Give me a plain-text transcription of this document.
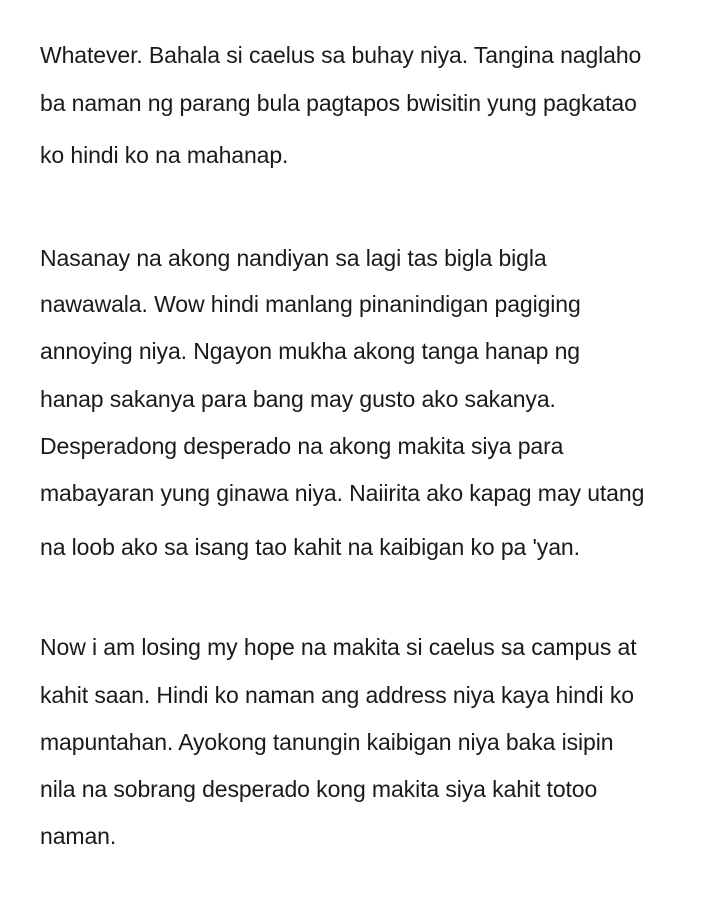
Whatever. Bahala si caelus sa buhay niya. Tangina naglaho
ba naman ng parang bula pagtapos bwisitin yung pagkatao
ko hindi ko na mahanap.
Nasanay na akong nandiyan sa lagi tas bigla bigla
nawawala. Wow hindi manlang pinanindigan pagiging
annoying niya. Ngayon mukha akong tanga hanap ng
hanap sakanya para bang may gusto ako sakanya.
Desperadong desperado na akong makita siya para
mabayaran yung ginawa niya. Naiirita ako kapag may utang
na loob ako sa isang tao kahit na kaibigan ko pa 'yan.
Now i am losing my hope na makita si caelus sa campus at
kahit saan. Hindi ko naman ang address niya kaya hindi ko
mapuntahan. Ayokong tanungin kaibigan niya baka isipin
nila na sobrang desperado kong makita siya kahit totoo
naman.
